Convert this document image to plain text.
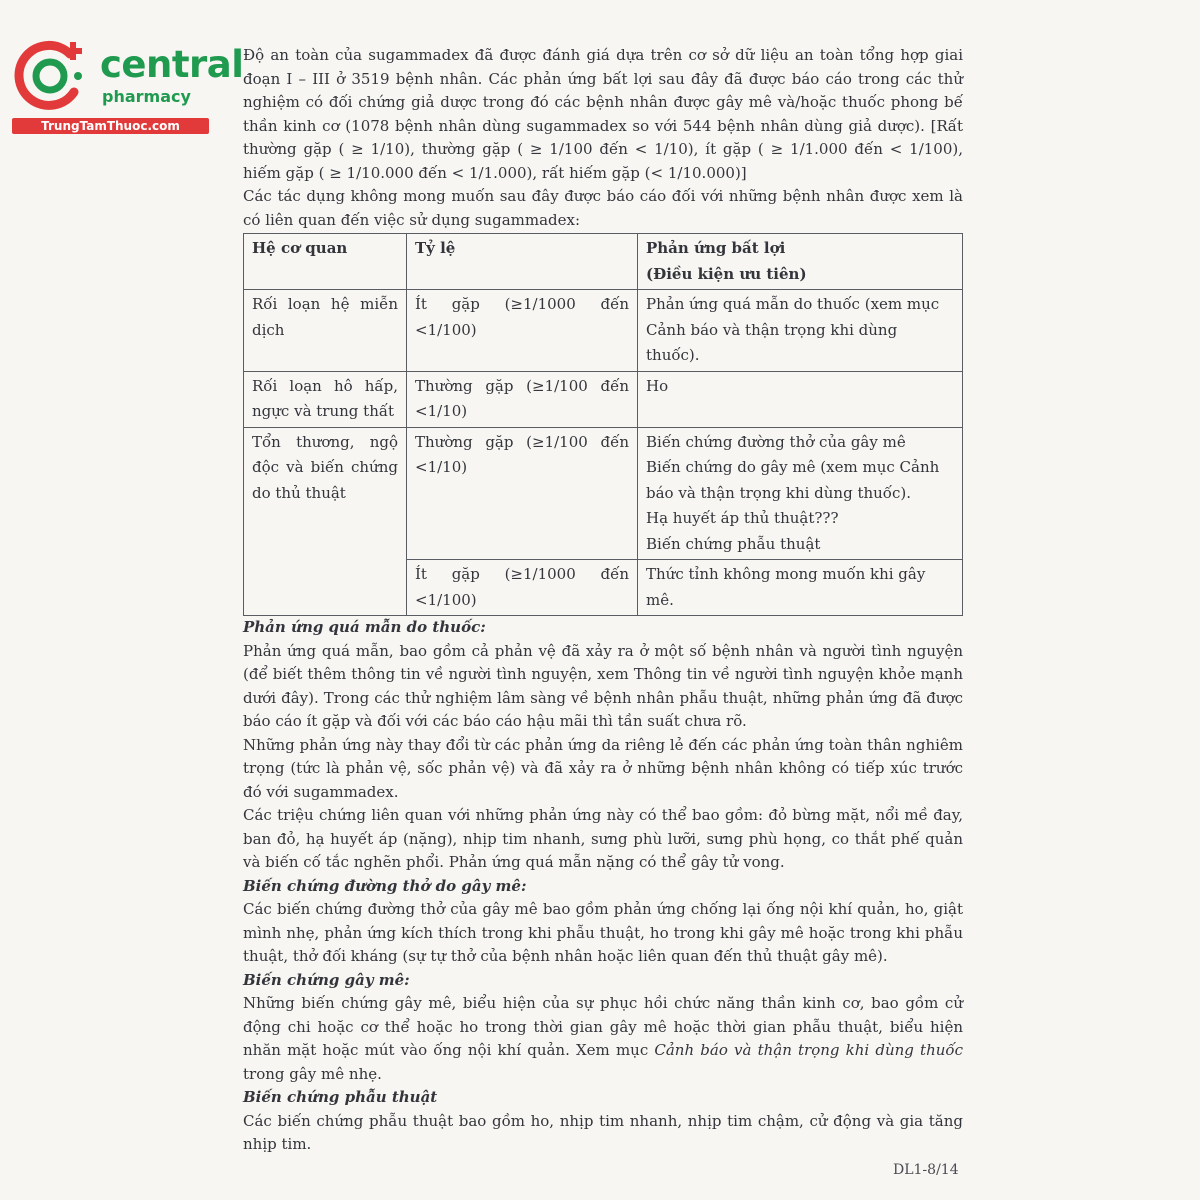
central
pharmacy
TrungTamThuoc.com

Độ an toàn của sugammadex đã được đánh giá dựa trên cơ sở dữ liệu an toàn tổng hợp giai đoạn I – III ở 3519 bệnh nhân. Các phản ứng bất lợi sau đây đã được báo cáo trong các thử nghiệm có đối chứng giả dược trong đó các bệnh nhân được gây mê và/hoặc thuốc phong bế thần kinh cơ (1078 bệnh nhân dùng sugammadex so với 544 bệnh nhân dùng giả dược). [Rất thường gặp ( ≥ 1/10), thường gặp ( ≥ 1/100 đến < 1/10), ít gặp ( ≥ 1/1.000 đến < 1/100), hiếm gặp ( ≥ 1/10.000 đến < 1/1.000), rất hiếm gặp (< 1/10.000)]

Các tác dụng không mong muốn sau đây được báo cáo đối với những bệnh nhân được xem là có liên quan đến việc sử dụng sugammadex:

Hệ cơ quan	Tỷ lệ	Phản ứng bất lợi
(Điều kiện ưu tiên)

Rối loạn hệ miễn dịch	Ít gặp (≥1/1000 đến <1/100)	Phản ứng quá mẫn do thuốc (xem mục Cảnh báo và thận trọng khi dùng thuốc).
Rối loạn hô hấp, ngực và trung thất	Thường gặp (≥1/100 đến <1/10)	Ho
Tổn thương, ngộ độc và biến chứng do thủ thuật	Thường gặp (≥1/100 đến <1/10)	Biến chứng đường thở của gây mê
Biến chứng do gây mê (xem mục Cảnh báo và thận trọng khi dùng thuốc).
Hạ huyết áp thủ thuật???
Biến chứng phẫu thuật

	Ít gặp (≥1/1000 đến <1/100)	Thức tỉnh không mong muốn khi gây mê.
Phản ứng quá mẫn do thuốc:

Phản ứng quá mẫn, bao gồm cả phản vệ đã xảy ra ở một số bệnh nhân và người tình nguyện (để biết thêm thông tin về người tình nguyện, xem Thông tin về người tình nguyện khỏe mạnh dưới đây). Trong các thử nghiệm lâm sàng về bệnh nhân phẫu thuật, những phản ứng đã được báo cáo ít gặp và đối với các báo cáo hậu mãi thì tần suất chưa rõ.

Những phản ứng này thay đổi từ các phản ứng da riêng lẻ đến các phản ứng toàn thân nghiêm trọng (tức là phản vệ, sốc phản vệ) và đã xảy ra ở những bệnh nhân không có tiếp xúc trước đó với sugammadex.

Các triệu chứng liên quan với những phản ứng này có thể bao gồm: đỏ bừng mặt, nổi mề đay, ban đỏ, hạ huyết áp (nặng), nhịp tim nhanh, sưng phù lưỡi, sưng phù họng, co thắt phế quản và biến cố tắc nghẽn phổi. Phản ứng quá mẫn nặng có thể gây tử vong.

Biến chứng đường thở do gây mê:

Các biến chứng đường thở của gây mê bao gồm phản ứng chống lại ống nội khí quản, ho, giật mình nhẹ, phản ứng kích thích trong khi phẫu thuật, ho trong khi gây mê hoặc trong khi phẫu thuật, thở đối kháng (sự tự thở của bệnh nhân hoặc liên quan đến thủ thuật gây mê).

Biến chứng gây mê:

Những biến chứng gây mê, biểu hiện của sự phục hồi chức năng thần kinh cơ, bao gồm cử động chi hoặc cơ thể hoặc ho trong thời gian gây mê hoặc thời gian phẫu thuật, biểu hiện nhăn mặt hoặc mút vào ống nội khí quản. Xem mục Cảnh báo và thận trọng khi dùng thuốc trong gây mê nhẹ.

Biến chứng phẫu thuật

Các biến chứng phẫu thuật bao gồm ho, nhịp tim nhanh, nhịp tim chậm, cử động và gia tăng nhịp tim.

DL1-8/14
